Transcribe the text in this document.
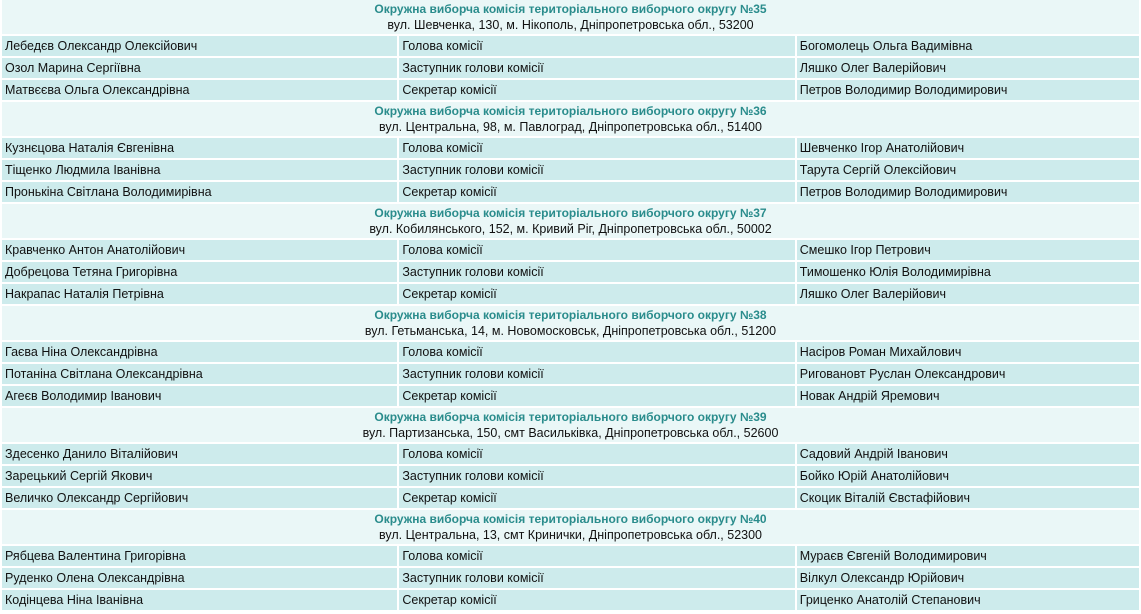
Окружна виборча комісія територіального виборчого округу №35
вул. Шевченка, 130, м. Нікополь, Дніпропетровська обл., 53200		

Лебедєв Олександр Олексійович	Голова комісії	Богомолець Ольга Вадимівна
Озол Марина Сергіївна	Заступник голови комісії	Ляшко Олег Валерійович
Матвєєва Ольга Олександрівна	Секретар комісії	Петров Володимир Володимирович

Окружна виборча комісія територіального виборчого округу №36
вул. Центральна, 98, м. Павлоград, Дніпропетровська обл., 51400		

Кузнєцова Наталія Євгенівна	Голова комісії	Шевченко Ігор Анатолійович
Тіщенко Людмила Іванівна	Заступник голови комісії	Тарута Сергій Олексійович
Пронькіна Світлана Володимирівна	Секретар комісії	Петров Володимир Володимирович

Окружна виборча комісія територіального виборчого округу №37
вул. Кобилянського, 152, м. Кривий Ріг, Дніпропетровська обл., 50002		

Кравченко Антон Анатолійович	Голова комісії	Смешко Ігор Петрович
Добрецова Тетяна Григорівна	Заступник голови комісії	Тимошенко Юлія Володимирівна
Накрапас Наталія Петрівна	Секретар комісії	Ляшко Олег Валерійович

Окружна виборча комісія територіального виборчого округу №38
вул. Гетьманська, 14, м. Новомосковськ, Дніпропетровська обл., 51200		

Гаєва Ніна Олександрівна	Голова комісії	Насіров Роман Михайлович
Потаніна Світлана Олександрівна	Заступник голови комісії	Риговановт Руслан Олександрович
Агеєв Володимир Іванович	Секретар комісії	Новак Андрій Яремович

Окружна виборча комісія територіального виборчого округу №39
вул. Партизанська, 150, смт Васильківка, Дніпропетровська обл., 52600		

Здесенко Данило Віталійович	Голова комісії	Садовий Андрій Іванович
Зарецький Сергій Якович	Заступник голови комісії	Бойко Юрій Анатолійович
Величко Олександр Сергійович	Секретар комісії	Скоцик Віталій Євстафійович

Окружна виборча комісія територіального виборчого округу №40
вул. Центральна, 13, смт Кринички, Дніпропетровська обл., 52300		

Рябцева Валентина Григорівна	Голова комісії	Мураєв Євгеній Володимирович
Руденко Олена Олександрівна	Заступник голови комісії	Вілкул Олександр Юрійович
Кодінцева Ніна Іванівна	Секретар комісії	Гриценко Анатолій Степанович
